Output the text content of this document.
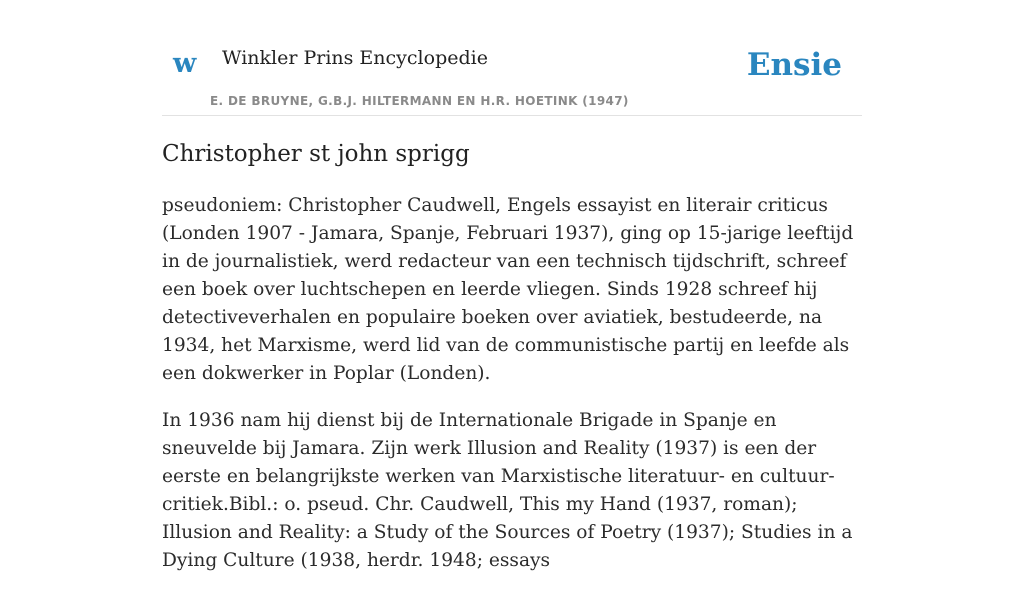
w Winkler Prins Encyclopedie
E. DE BRUYNE, G.B.J. HILTERMANN EN H.R. HOETINK (1947)
Ensie
Christopher st john sprigg

pseudoniem: Christopher Caudwell, Engels essayist en literair criticus (Londen 1907 - Jamara, Spanje, Februari 1937), ging op 15-jarige leeftijd in de journalistiek, werd redacteur van een technisch tijdschrift, schreef een boek over luchtschepen en leerde vliegen. Sinds 1928 schreef hij detectiveverhalen en populaire boeken over aviatiek, bestudeerde, na 1934, het Marxisme, werd lid van de communistische partij en leefde als een dokwerker in Poplar (Londen).

In 1936 nam hij dienst bij de Internationale Brigade in Spanje en sneuvelde bij Jamara. Zijn werk Illusion and Reality (1937) is een der eerste en belangrijkste werken van Marxistische literatuur- en cultuur-critiek.Bibl.: o. pseud. Chr. Caudwell, This my Hand (1937, roman); Illusion and Reality: a Study of the Sources of Poetry (1937); Studies in a Dying Culture (1938, herdr. 1948; essays
